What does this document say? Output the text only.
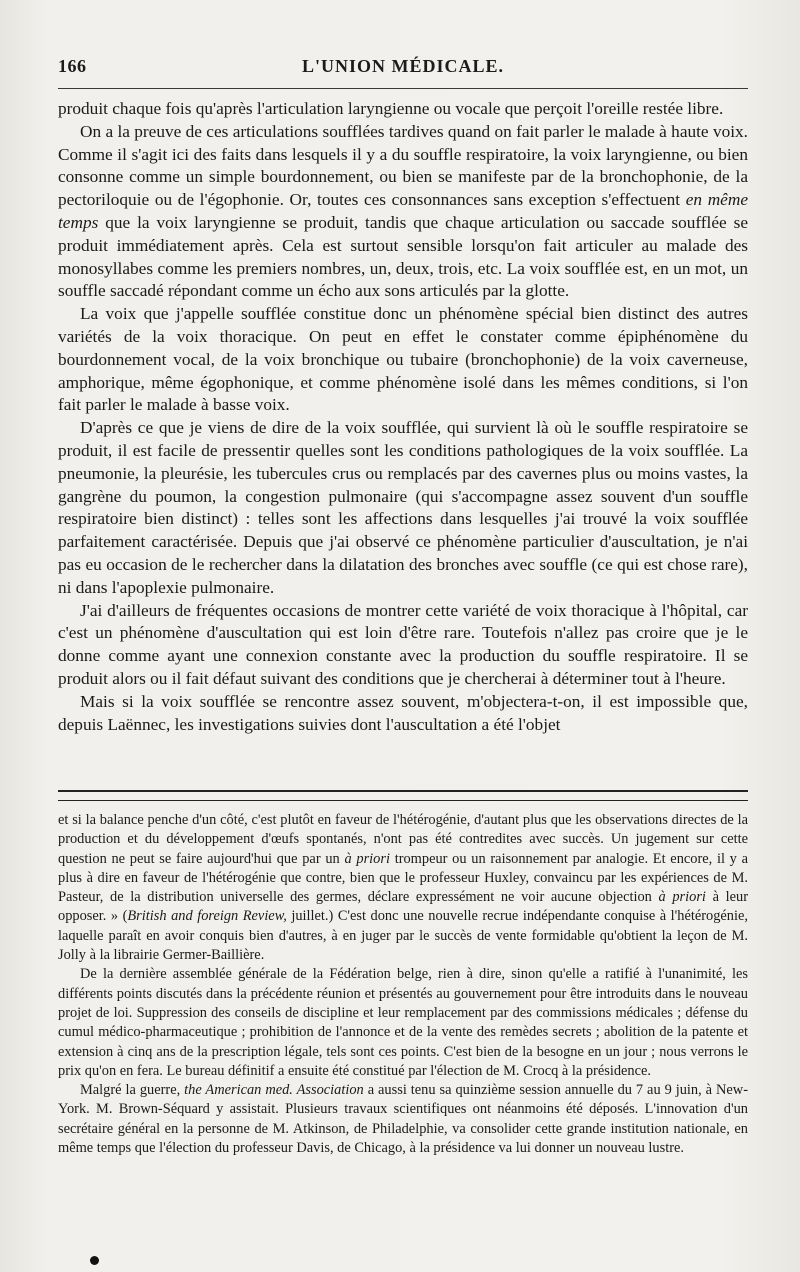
166	L'UNION MÉDICALE.

produit chaque fois qu'après l'articulation laryngienne ou vocale que perçoit l'oreille restée libre.

On a la preuve de ces articulations soufflées tardives quand on fait parler le malade à haute voix. Comme il s'agit ici des faits dans lesquels il y a du souffle respiratoire, la voix laryngienne, ou bien consonne comme un simple bourdonnement, ou bien se manifeste par de la bronchophonie, de la pectoriloquie ou de l'égophonie. Or, toutes ces consonnances sans exception s'effectuent en même temps que la voix laryngienne se produit, tandis que chaque articulation ou saccade soufflée se produit immédiatement après. Cela est surtout sensible lorsqu'on fait articuler au malade des monosyllabes comme les premiers nombres, un, deux, trois, etc. La voix soufflée est, en un mot, un souffle saccadé répondant comme un écho aux sons articulés par la glotte.

La voix que j'appelle soufflée constitue donc un phénomène spécial bien distinct des autres variétés de la voix thoracique. On peut en effet le constater comme épiphénomène du bourdonnement vocal, de la voix bronchique ou tubaire (bronchophonie) de la voix caverneuse, amphorique, même égophonique, et comme phénomène isolé dans les mêmes conditions, si l'on fait parler le malade à basse voix.

D'après ce que je viens de dire de la voix soufflée, qui survient là où le souffle respiratoire se produit, il est facile de pressentir quelles sont les conditions pathologiques de la voix soufflée. La pneumonie, la pleurésie, les tubercules crus ou remplacés par des cavernes plus ou moins vastes, la gangrène du poumon, la congestion pulmonaire (qui s'accompagne assez souvent d'un souffle respiratoire bien distinct) : telles sont les affections dans lesquelles j'ai trouvé la voix soufflée parfaitement caractérisée. Depuis que j'ai observé ce phénomène particulier d'auscultation, je n'ai pas eu occasion de le rechercher dans la dilatation des bronches avec souffle (ce qui est chose rare), ni dans l'apoplexie pulmonaire.

J'ai d'ailleurs de fréquentes occasions de montrer cette variété de voix thoracique à l'hôpital, car c'est un phénomène d'auscultation qui est loin d'être rare. Toutefois n'allez pas croire que je le donne comme ayant une connexion constante avec la production du souffle respiratoire. Il se produit alors ou il fait défaut suivant des conditions que je chercherai à déterminer tout à l'heure.

Mais si la voix soufflée se rencontre assez souvent, m'objectera-t-on, il est impossible que, depuis Laënnec, les investigations suivies dont l'auscultation a été l'objet

et si la balance penche d'un côté, c'est plutôt en faveur de l'hétérogénie, d'autant plus que les observations directes de la production et du développement d'œufs spontanés, n'ont pas été contredites avec succès. Un jugement sur cette question ne peut se faire aujourd'hui que par un à priori trompeur ou un raisonnement par analogie. Et encore, il y a plus à dire en faveur de l'hétérogénie que contre, bien que le professeur Huxley, convaincu par les expériences de M. Pasteur, de la distribution universelle des germes, déclare expressément ne voir aucune objection à priori à leur opposer. » (British and foreign Review, juillet.) C'est donc une nouvelle recrue indépendante conquise à l'hétérogénie, laquelle paraît en avoir conquis bien d'autres, à en juger par le succès de vente formidable qu'obtient la leçon de M. Jolly à la librairie Germer-Baillière.

De la dernière assemblée générale de la Fédération belge, rien à dire, sinon qu'elle a ratifié à l'unanimité, les différents points discutés dans la précédente réunion et présentés au gouvernement pour être introduits dans le nouveau projet de loi. Suppression des conseils de discipline et leur remplacement par des commissions médicales ; défense du cumul médico-pharmaceutique ; prohibition de l'annonce et de la vente des remèdes secrets ; abolition de la patente et extension à cinq ans de la prescription légale, tels sont ces points. C'est bien de la besogne en un jour ; nous verrons le prix qu'on en fera. Le bureau définitif a ensuite été constitué par l'élection de M. Crocq à la présidence.

Malgré la guerre, the American med. Association a aussi tenu sa quinzième session annuelle du 7 au 9 juin, à New-York. M. Brown-Séquard y assistait. Plusieurs travaux scientifiques ont néanmoins été déposés. L'innovation d'un secrétaire général en la personne de M. Atkinson, de Philadelphie, va consolider cette grande institution nationale, en même temps que l'élection du professeur Davis, de Chicago, à la présidence va lui donner un nouveau lustre.
